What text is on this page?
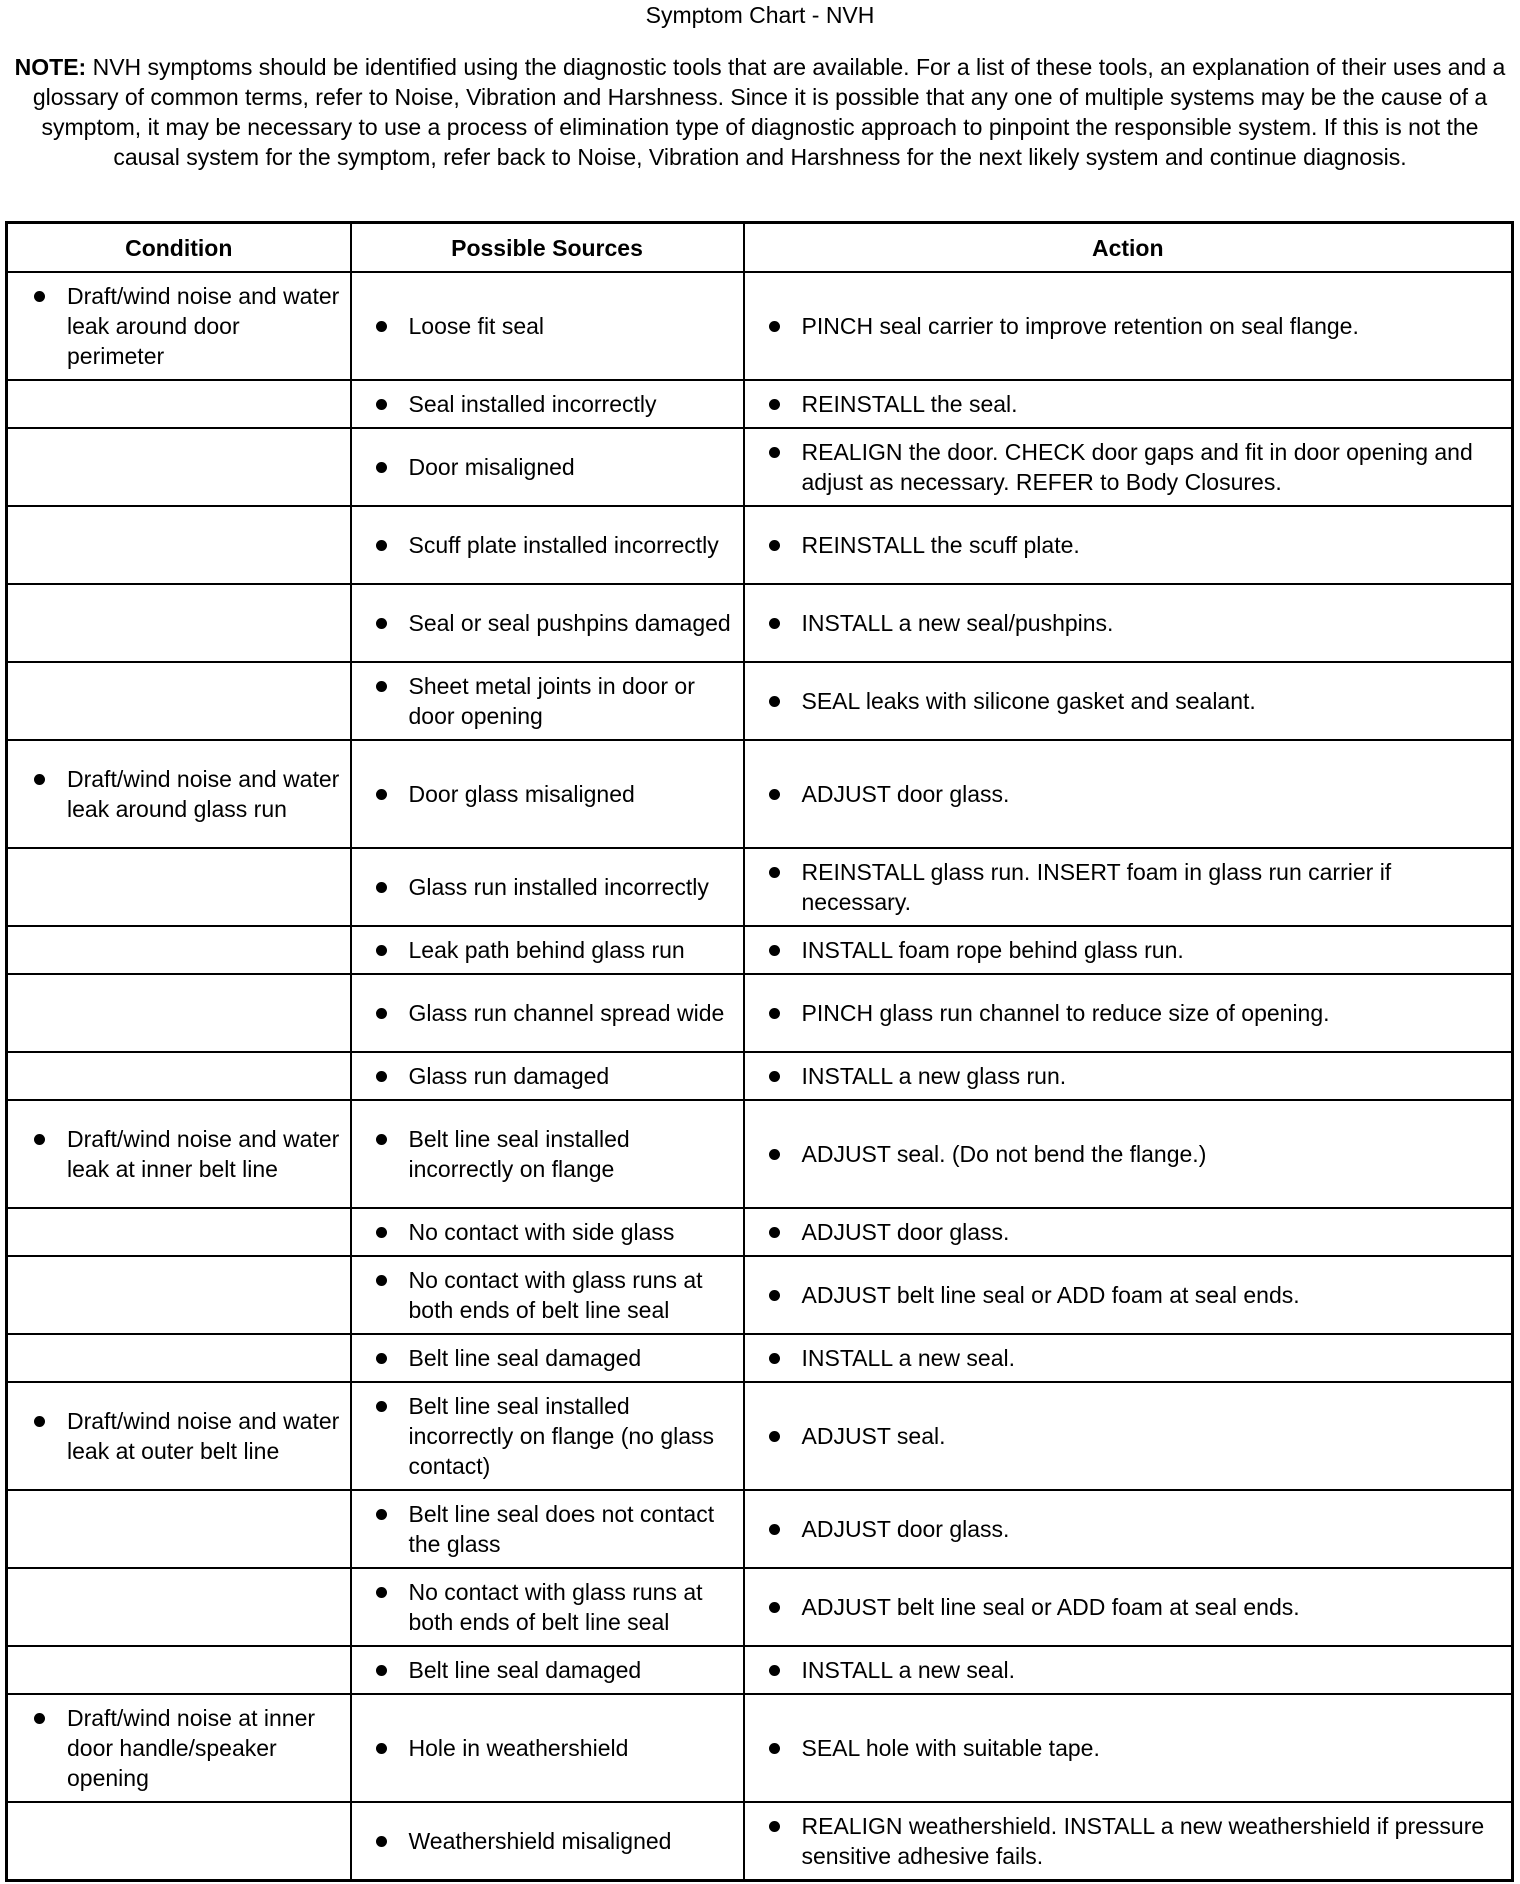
Symptom Chart - NVH
NOTE: NVH symptoms should be identified using the diagnostic tools that are available. For a list of these tools, an explanation of their uses and a glossary of common terms, refer to Noise, Vibration and Harshness. Since it is possible that any one of multiple systems may be the cause of a symptom, it may be necessary to use a process of elimination type of diagnostic approach to pinpoint the responsible system. If this is not the causal system for the symptom, refer back to Noise, Vibration and Harshness for the next likely system and continue diagnosis.
Condition	Possible Sources	Action

Draft/wind noise and water leak around door perimeter	Loose fit seal	PINCH seal carrier to improve retention on seal flange.

	Seal installed incorrectly	REINSTALL the seal.

	Door misaligned	REALIGN the door. CHECK door gaps and fit in door opening and adjust as necessary. REFER to Body Closures.

	Scuff plate installed incorrectly	REINSTALL the scuff plate.

	Seal or seal pushpins damaged	INSTALL a new seal/pushpins.

	Sheet metal joints in door or door opening	SEAL leaks with silicone gasket and sealant.

Draft/wind noise and water leak around glass run	Door glass misaligned	ADJUST door glass.

	Glass run installed incorrectly	REINSTALL glass run. INSERT foam in glass run carrier if necessary.

	Leak path behind glass run	INSTALL foam rope behind glass run.

	Glass run channel spread wide	PINCH glass run channel to reduce size of opening.

	Glass run damaged	INSTALL a new glass run.

Draft/wind noise and water leak at inner belt line	Belt line seal installed incorrectly on flange	ADJUST seal. (Do not bend the flange.)

	No contact with side glass	ADJUST door glass.

	No contact with glass runs at both ends of belt line seal	ADJUST belt line seal or ADD foam at seal ends.

	Belt line seal damaged	INSTALL a new seal.

Draft/wind noise and water leak at outer belt line	Belt line seal installed incorrectly on flange (no glass contact)	ADJUST seal.

	Belt line seal does not contact the glass	ADJUST door glass.

	No contact with glass runs at both ends of belt line seal	ADJUST belt line seal or ADD foam at seal ends.

	Belt line seal damaged	INSTALL a new seal.

Draft/wind noise at inner door handle/speaker opening	Hole in weathershield	SEAL hole with suitable tape.

	Weathershield misaligned	REALIGN weathershield. INSTALL a new weathershield if pressure sensitive adhesive fails.
